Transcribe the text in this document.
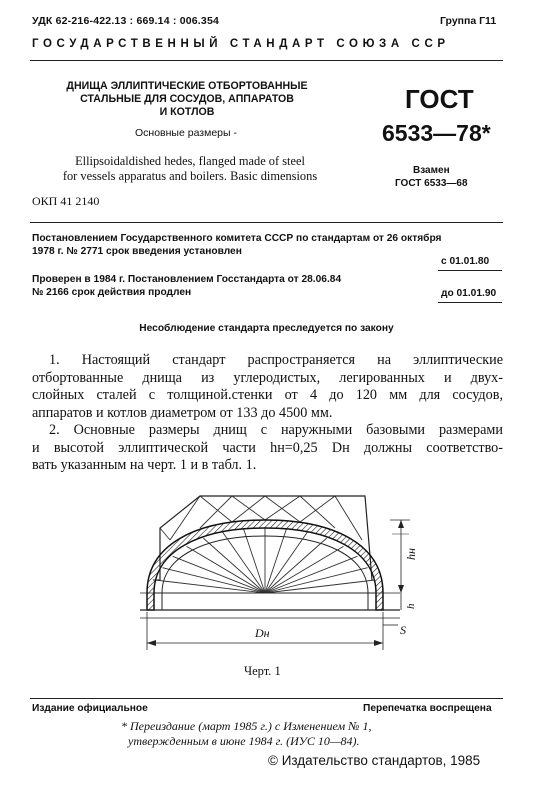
УДК 62-216-422.13 : 669.14 : 006.354	Группа Г11
ГОСУДАРСТВЕННЫЙ СТАНДАРТ СОЮЗА ССР
ДНИЩА ЭЛЛИПТИЧЕСКИЕ ОТБОРТОВАННЫЕ
СТАЛЬНЫЕ ДЛЯ СОСУДОВ, АППАРАТОВ
И КОТЛОВ
Основные размеры -
Ellipsoidaldished hedes, flanged made of steel
for vessels apparatus and boilers. Basic dimensions
ОКП 41 2140
ГОСТ
6533—78*
Взамен
ГОСТ 6533—68
Постановлением Государственного комитета СССР по стандартам от 26 октября
1978 г. № 2771 срок введения установлен
с 01.01.80
Проверен в 1984 г. Постановлением Госстандарта от 28.06.84
№ 2166 срок действия продлен	до 01.01.90
Несоблюдение стандарта преследуется по закону
1. Настоящий стандарт распространяется на эллиптические
отбортованные днища из углеродистых, легированных и двух-
слойных сталей с толщиной.стенки от 4 до 120 мм для сосудов,
аппаратов и котлов диаметром от 133 до 4500 мм.
2. Основные размеры днищ с наружными базовыми размерами
и высотой эллиптической части hн=0,25 Dн должны соответство-
вать указанным на черт. 1 и в табл. 1.
hн
h
S
Dн
Черт. 1
Издание официальное	Перепечатка воспрещена
* Переиздание (март 1985 г.) с Изменением № 1,
утвержденным в июне 1984 г. (ИУС 10—84).
© Издательство стандартов, 1985
